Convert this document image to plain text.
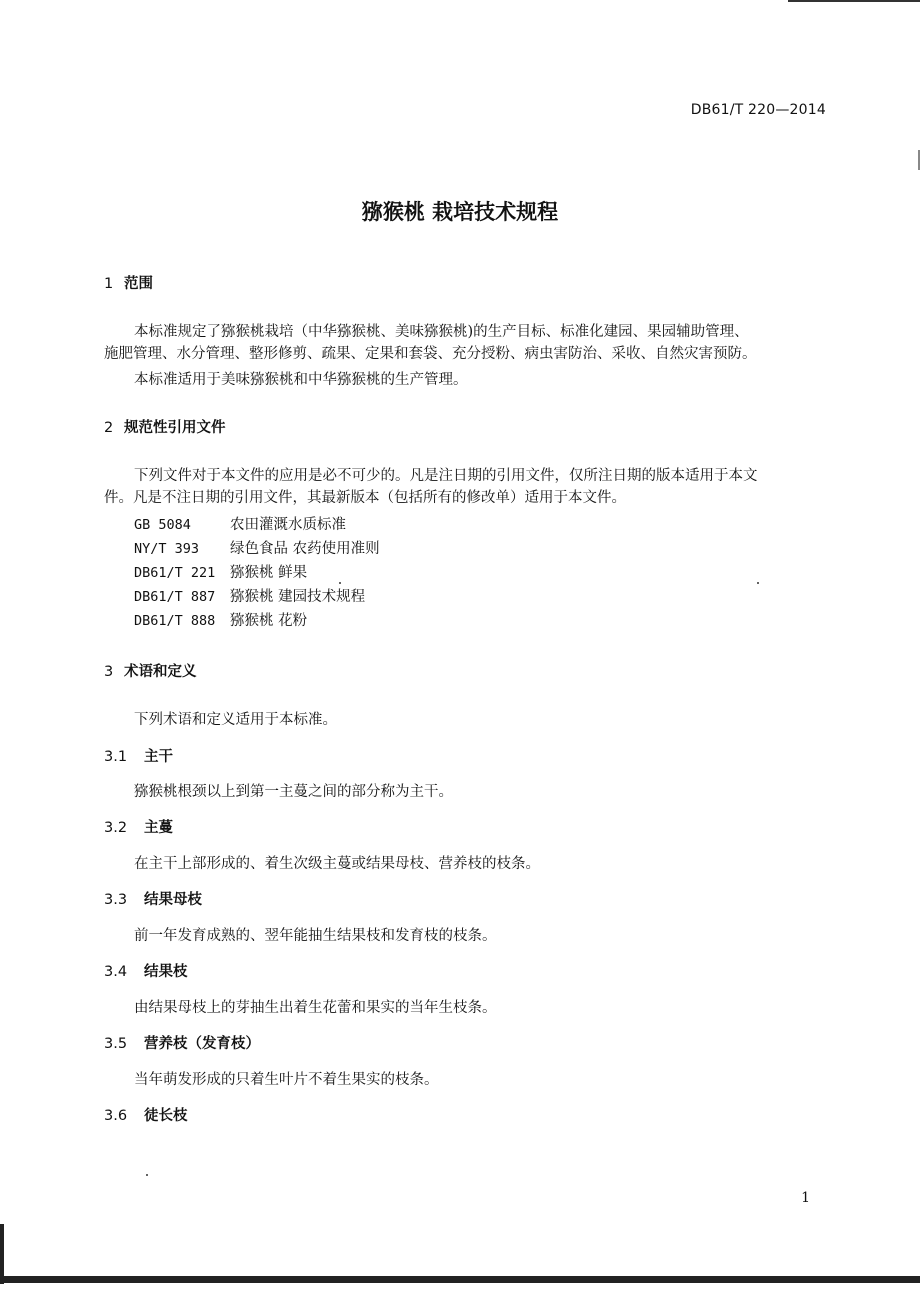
DB61/T 220—2014
猕猴桃 栽培技术规程
1 范围
本标准规定了猕猴桃栽培（中华猕猴桃、美味猕猴桃)的生产目标、标准化建园、果园辅助管理、
施肥管理、水分管理、整形修剪、疏果、定果和套袋、充分授粉、病虫害防治、采收、自然灾害预防。
本标准适用于美味猕猴桃和中华猕猴桃的生产管理。
2 规范性引用文件
下列文件对于本文件的应用是必不可少的。凡是注日期的引用文件，仅所注日期的版本适用于本文
件。凡是不注日期的引用文件，其最新版本（包括所有的修改单）适用于本文件。
GB 5084	农田灌溉水质标准
NY/T 393 绿色食品 农药使用准则
DB61/T 221 猕猴桃 鲜果
DB61/T 887 猕猴桃 建园技术规程
DB61/T 888 猕猴桃 花粉
3 术语和定义
下列术语和定义适用于本标准。
3.1 主干
猕猴桃根颈以上到第一主蔓之间的部分称为主干。
3.2 主蔓
在主干上部形成的、着生次级主蔓或结果母枝、营养枝的枝条。
3.3 结果母枝
前一年发育成熟的、翌年能抽生结果枝和发育枝的枝条。
3.4 结果枝
由结果母枝上的芽抽生出着生花蕾和果实的当年生枝条。
3.5 营养枝（发育枝）
当年萌发形成的只着生叶片不着生果实的枝条。
3.6 徒长枝
1
